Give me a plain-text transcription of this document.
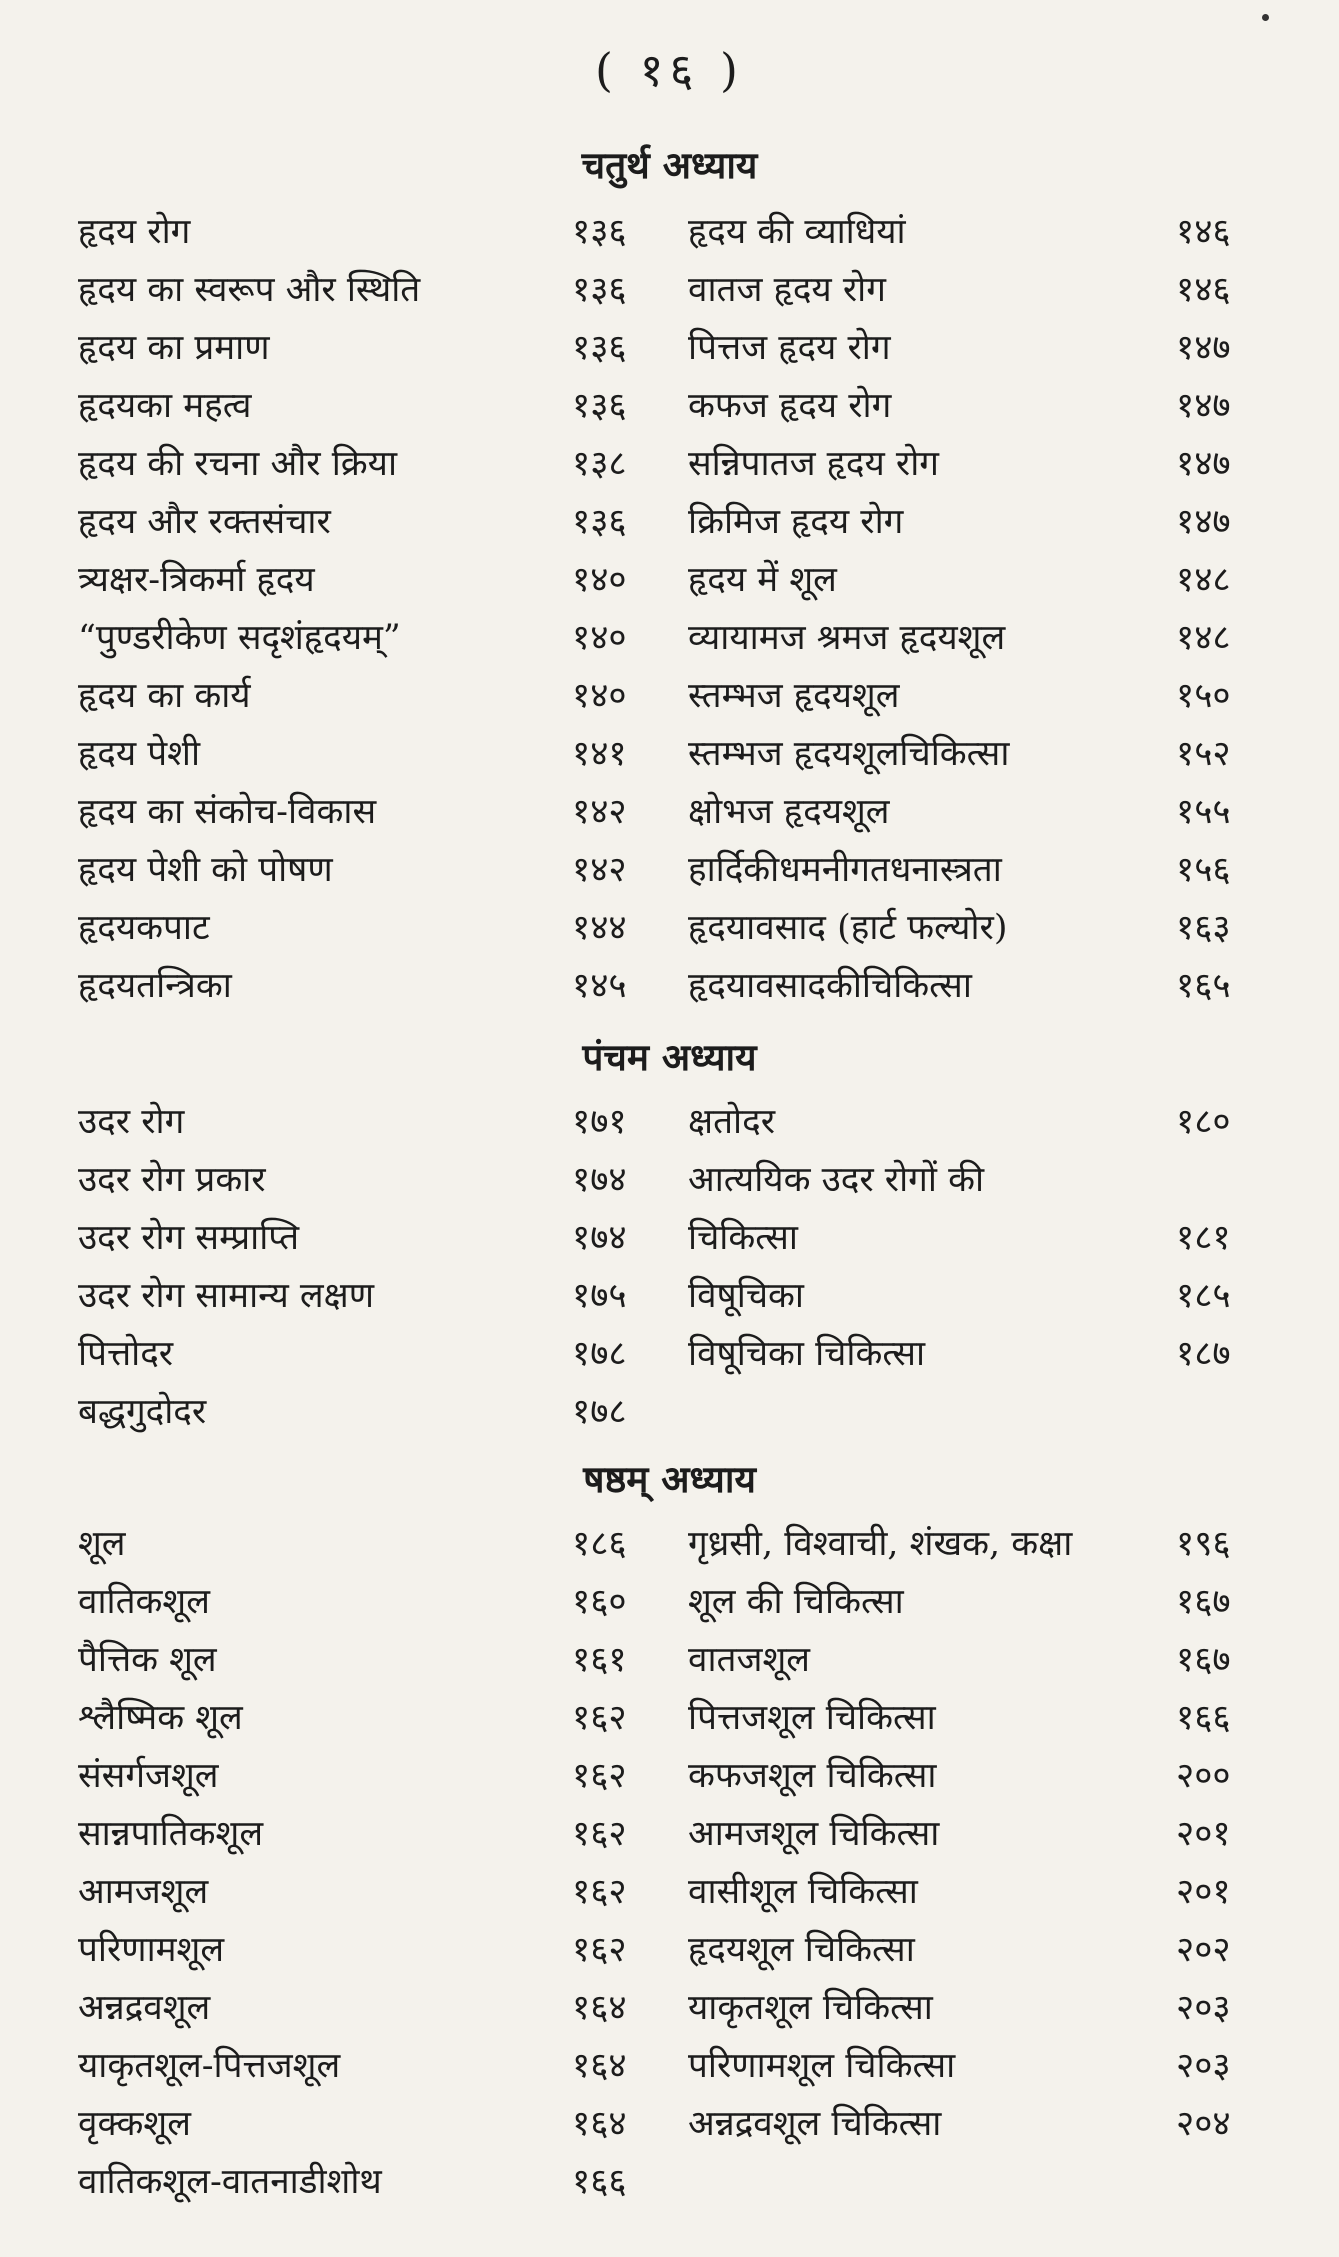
( १६ )
चतुर्थ अध्याय
हृदय रोग	१३६ हृदय की व्याधियां	१४६
हृदय का स्वरूप और स्थिति	१३६ वातज हृदय रोग	१४६
हृदय का प्रमाण	१३६ पित्तज हृदय रोग	१४७
हृदयका महत्व	१३६ कफज हृदय रोग	१४७
हृदय की रचना और क्रिया	१३८ सन्निपातज हृदय रोग	१४७
हृदय और रक्तसंचार	१३६ क्रिमिज हृदय रोग	१४७
त्र्यक्षर-त्रिकर्मा हृदय	१४० हृदय में शूल	१४८
“पुण्डरीकेण सदृशंहृदयम्”	१४० व्यायामज श्रमज हृदयशूल	१४८
हृदय का कार्य	१४० स्तम्भज हृदयशूल	१५०
हृदय पेशी	१४१ स्तम्भज हृदयशूलचिकित्सा	१५२
हृदय का संकोच-विकास	१४२ क्षोभज हृदयशूल	१५५
हृदय पेशी को पोषण	१४२ हार्दिकीधमनीगतधनास्त्रता	१५६
हृदयकपाट	१४४ हृदयावसाद (हार्ट फल्योर)	१६३
हृदयतन्त्रिका	१४५ हृदयावसादकीचिकित्सा	१६५
पंचम अध्याय
उदर रोग	१७१ क्षतोदर	१८०
उदर रोग प्रकार	१७४ आत्ययिक उदर रोगों की
उदर रोग सम्प्राप्ति	१७४ चिकित्सा	१८१
उदर रोग सामान्य लक्षण	१७५ विषूचिका	१८५
पित्तोदर	१७८ विषूचिका चिकित्सा	१८७
बद्धगुदोदर	१७८
षष्ठम् अध्याय
शूल	१८६ गृध्रसी, विश्वाची, शंखक, कक्षा	१९६
वातिकशूल	१६० शूल की चिकित्सा	१६७
पैत्तिक शूल	१६१ वातजशूल	१६७
श्लैष्मिक शूल	१६२ पित्तजशूल चिकित्सा	१६६
संसर्गजशूल	१६२ कफजशूल चिकित्सा	२००
सान्नपातिकशूल	१६२ आमजशूल चिकित्सा	२०१
आमजशूल	१६२ वासीशूल चिकित्सा	२०१
परिणामशूल	१६२ हृदयशूल चिकित्सा	२०२
अन्नद्रवशूल	१६४ याकृतशूल चिकित्सा	२०३
याकृतशूल-पित्तजशूल	१६४ परिणामशूल चिकित्सा	२०३
वृक्कशूल	१६४ अन्नद्रवशूल चिकित्सा	२०४
वातिकशूल-वातनाडीशोथ	१६६
